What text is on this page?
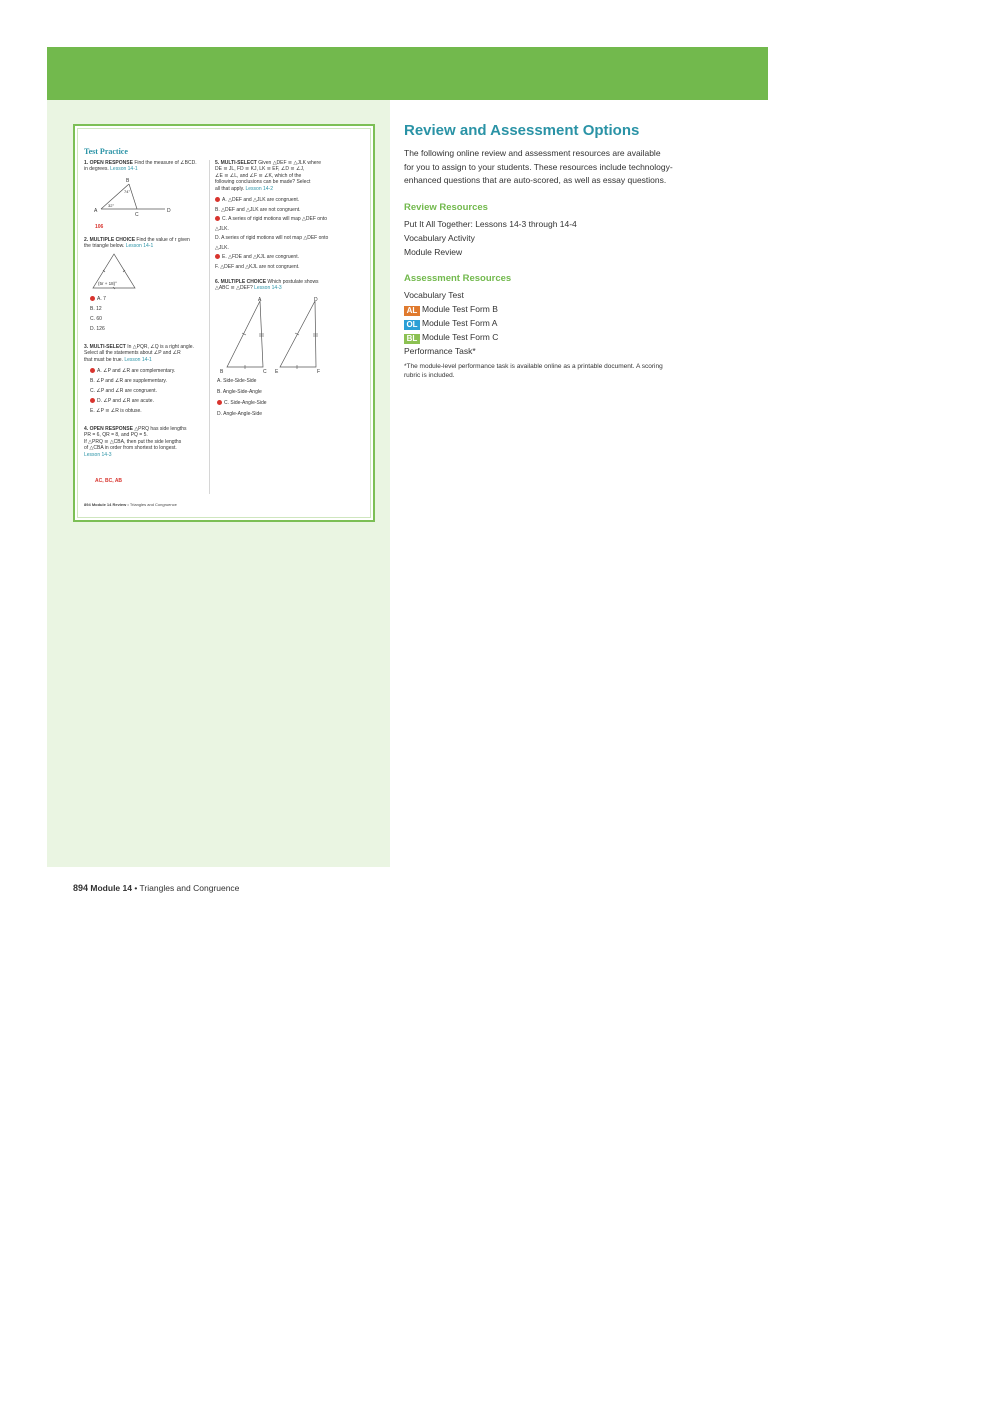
Test Practice
1. OPEN RESPONSE Find the measure of ∠BCD.
in degrees. Lesson 14-1
A
B
C
D
74°
32°
106
2. MULTIPLE CHOICE Find the value of r given
the triangle below. Lesson 14-1
(5r + 18)°
A. 7
B. 12
C. 60
D. 126
3. MULTI-SELECT In △PQR, ∠Q is a right angle.
Select all the statements about ∠P and ∠R
that must be true. Lesson 14-1
A. ∠P and ∠R are complementary.
B. ∠P and ∠R are supplementary.
C. ∠P and ∠R are congruent.
D. ∠P and ∠R are acute.
E. ∠P ≅ ∠R is obtuse.
4. OPEN RESPONSE △PRQ has side lengths
PR = 6, QR = 8, and PQ = 5.
If △PRQ ≅ △CBA, then put the side lengths
of △CBA in order from shortest to longest.
Lesson 14-3
AC, BC, AB
5. MULTI-SELECT Given △DEF ≅ △JLK where
DE ≅ JL, FD ≅ KJ, LK ≅ EF, ∠D ≅ ∠J,
∠E ≅ ∠L, and ∠F ≅ ∠K, which of the
following conclusions can be made? Select
all that apply. Lesson 14-2
A. △DEF and △JLK are congruent.
B. △DEF and △JLK are not congruent.
C. A series of rigid motions will map △DEF onto △JLK.
D. A series of rigid motions will not map △DEF onto △JLK.
E. △FDE and △KJL are congruent.
F. △DEF and △KJL are not congruent.
6. MULTIPLE CHOICE Which postulate shows
△ABC ≅ △DEF? Lesson 14-3
A
B	C
D
E	F
A. Side-Side-Side
B. Angle-Side-Angle
C. Side-Angle-Side
D. Angle-Angle-Side
894 Module 14 Review • Triangles and Congruence
Review and Assessment Options
The following online review and assessment resources are available
for you to assign to your students. These resources include technology-
enhanced questions that are auto-scored, as well as essay questions.
Review Resources
Put It All Together: Lessons 14-3 through 14-4
Vocabulary Activity
Module Review
Assessment Resources
Vocabulary Test
AL Module Test Form B
OL Module Test Form A
BL Module Test Form C
Performance Task*
*The module-level performance task is available online as a printable document. A scoring
rubric is included.
894 Module 14 • Triangles and Congruence
